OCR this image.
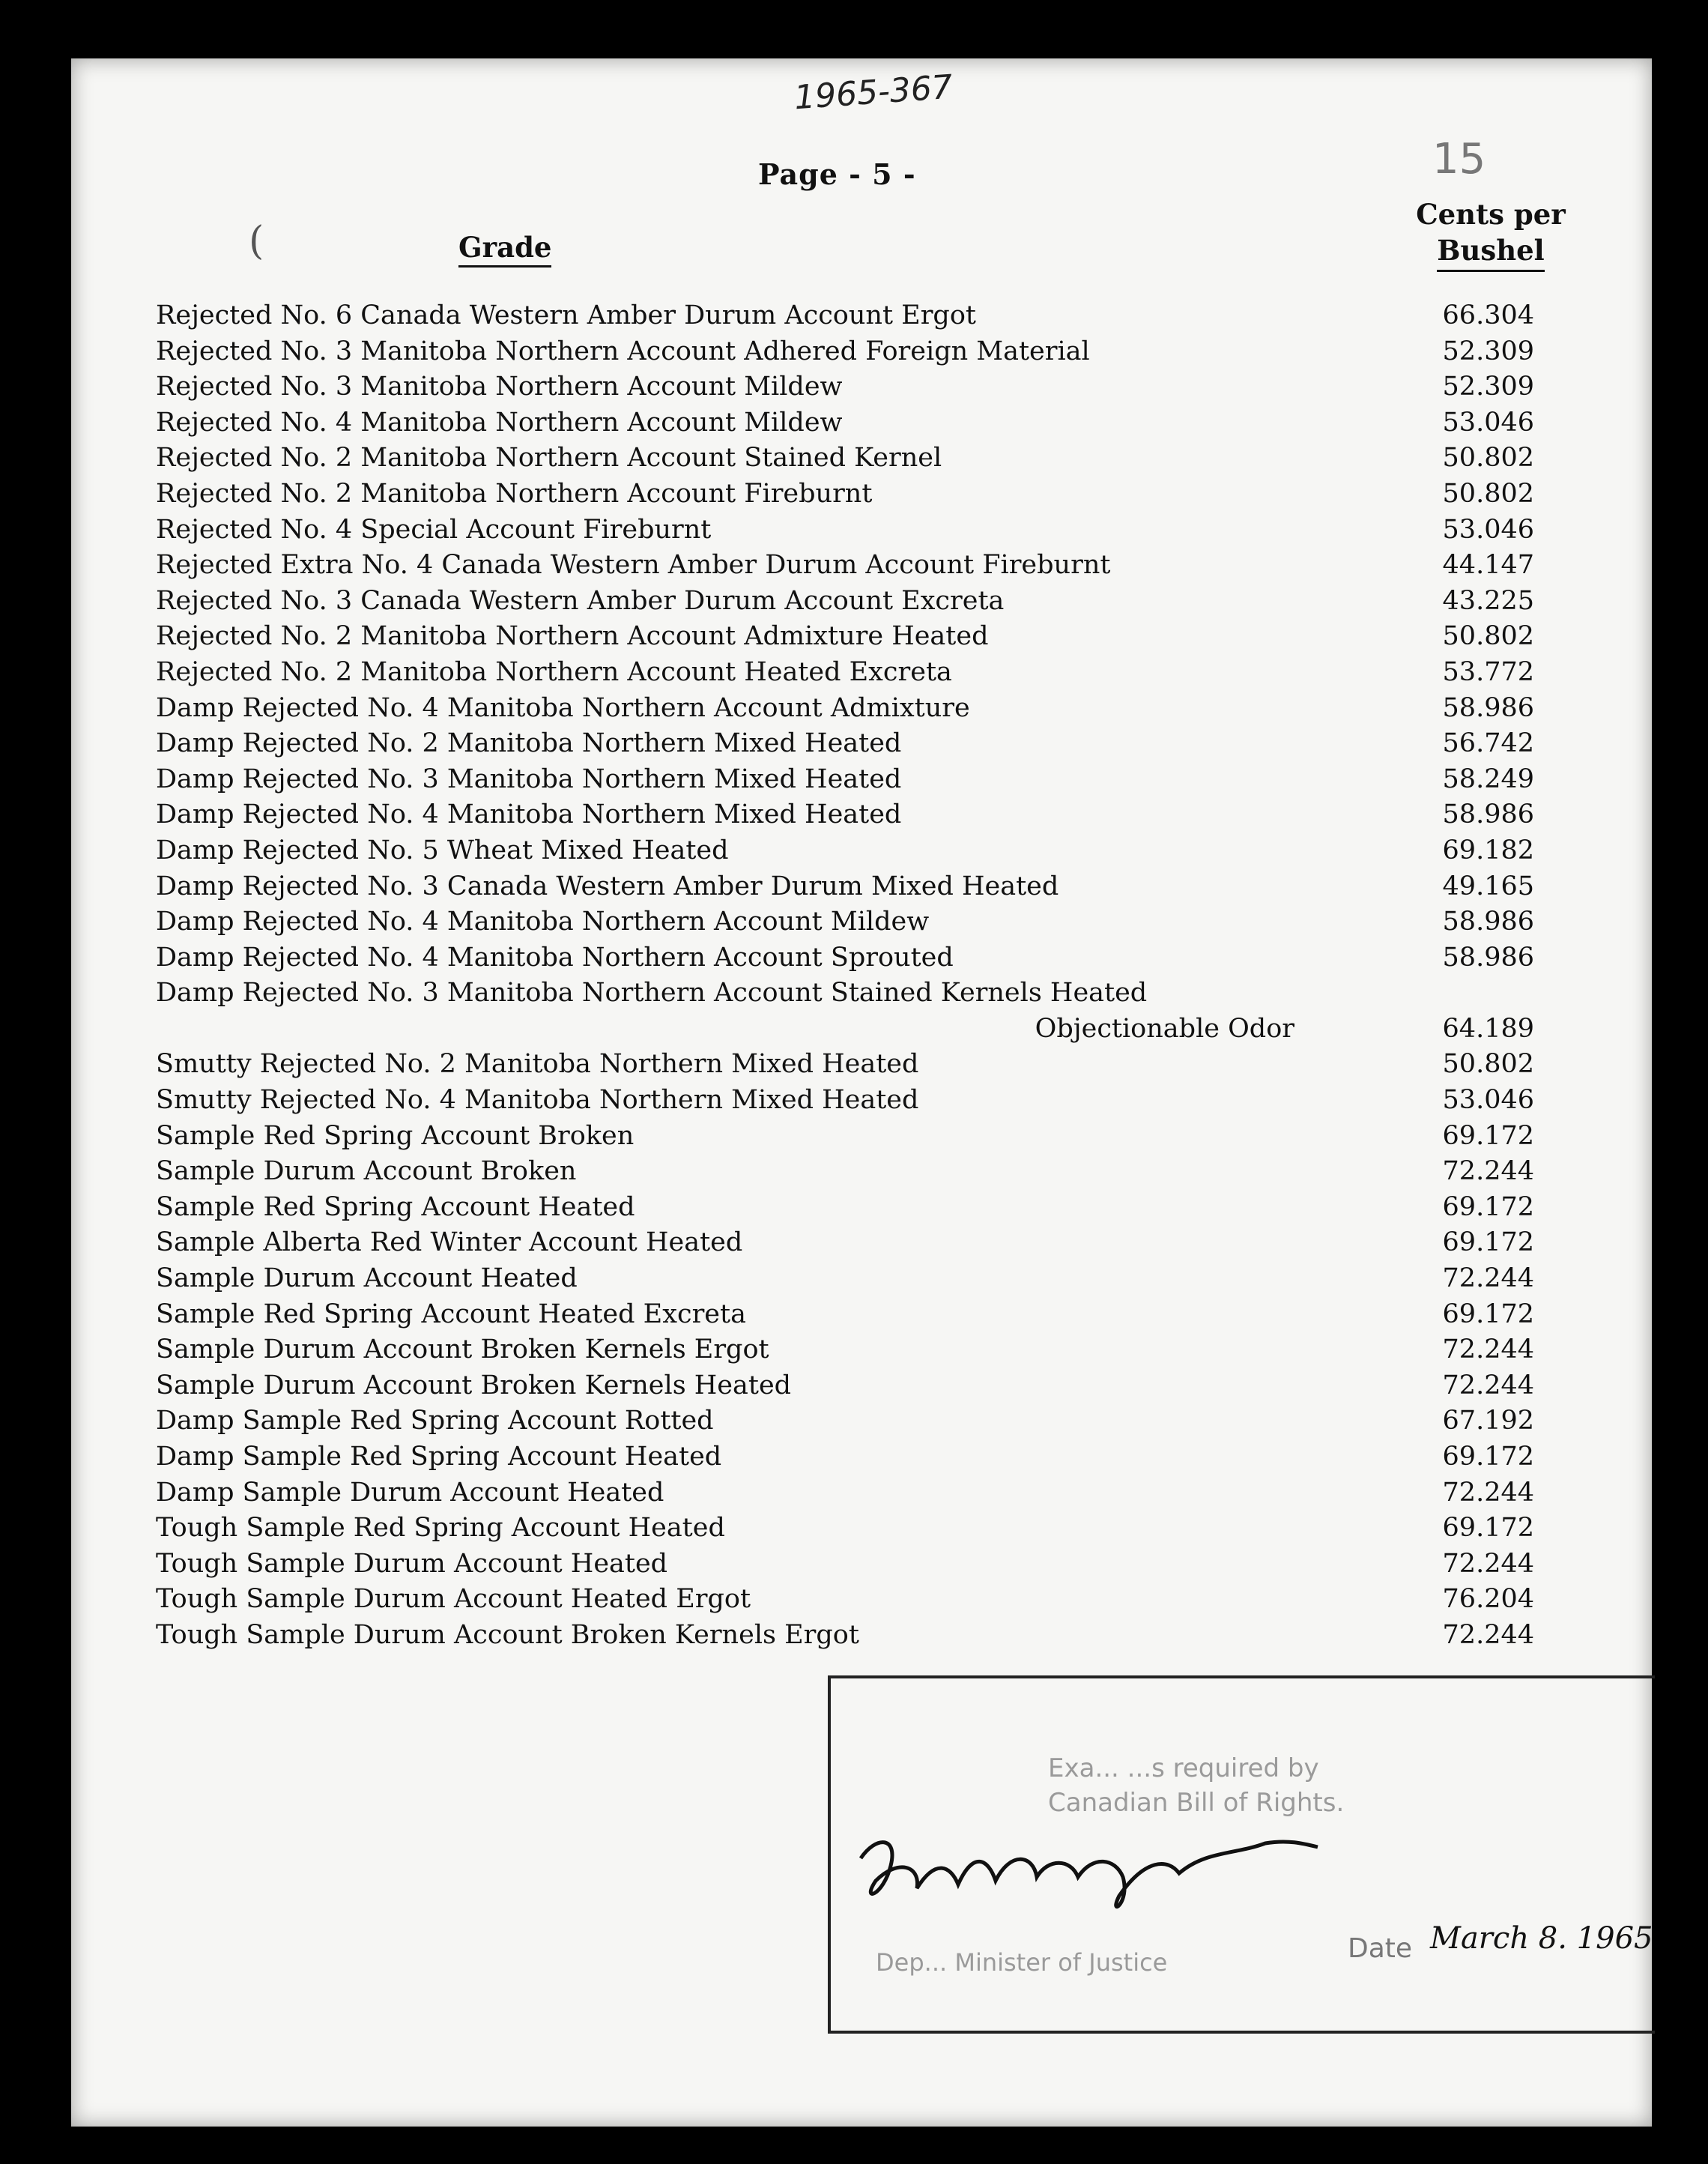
1965-367
Page - 5 -	15
(	Grade
Cents per
Bushel
Rejected No. 6 Canada Western Amber Durum Account Ergot	66.304
Rejected No. 3 Manitoba Northern Account Adhered Foreign Material	52.309
Rejected No. 3 Manitoba Northern Account Mildew	52.309
Rejected No. 4 Manitoba Northern Account Mildew	53.046
Rejected No. 2 Manitoba Northern Account Stained Kernel	50.802
Rejected No. 2 Manitoba Northern Account Fireburnt	50.802
Rejected No. 4 Special Account Fireburnt	53.046
Rejected Extra No. 4 Canada Western Amber Durum Account Fireburnt	44.147
Rejected No. 3 Canada Western Amber Durum Account Excreta	43.225
Rejected No. 2 Manitoba Northern Account Admixture Heated	50.802
Rejected No. 2 Manitoba Northern Account Heated Excreta	53.772
Damp Rejected No. 4 Manitoba Northern Account Admixture	58.986
Damp Rejected No. 2 Manitoba Northern Mixed Heated	56.742
Damp Rejected No. 3 Manitoba Northern Mixed Heated	58.249
Damp Rejected No. 4 Manitoba Northern Mixed Heated	58.986
Damp Rejected No. 5 Wheat Mixed Heated	69.182
Damp Rejected No. 3 Canada Western Amber Durum Mixed Heated	49.165
Damp Rejected No. 4 Manitoba Northern Account Mildew	58.986
Damp Rejected No. 4 Manitoba Northern Account Sprouted	58.986
Damp Rejected No. 3 Manitoba Northern Account Stained Kernels Heated
Objectionable Odor	64.189
Smutty Rejected No. 2 Manitoba Northern Mixed Heated	50.802
Smutty Rejected No. 4 Manitoba Northern Mixed Heated	53.046
Sample Red Spring Account Broken	69.172
Sample Durum Account Broken	72.244
Sample Red Spring Account Heated	69.172
Sample Alberta Red Winter Account Heated	69.172
Sample Durum Account Heated	72.244
Sample Red Spring Account Heated Excreta	69.172
Sample Durum Account Broken Kernels Ergot	72.244
Sample Durum Account Broken Kernels Heated	72.244
Damp Sample Red Spring Account Rotted	67.192
Damp Sample Red Spring Account Heated	69.172
Damp Sample Durum Account Heated	72.244
Tough Sample Red Spring Account Heated	69.172
Tough Sample Durum Account Heated	72.244
Tough Sample Durum Account Heated Ergot	76.204
Tough Sample Durum Account Broken Kernels Ergot	72.244
Exa... ...s required by
Canadian Bill of Rights.
Dep... Minister of Justice	Date March 8. 1965
